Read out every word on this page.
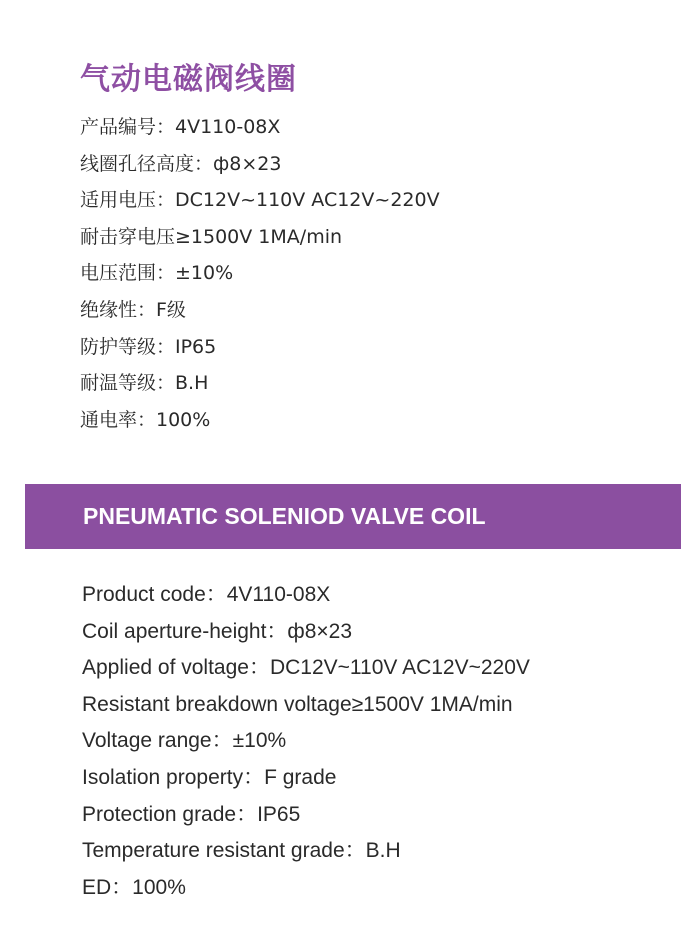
气动电磁阀线圈
产品编号：4V110-08X
线圈孔径高度：ф8×23
适用电压：DC12V~110V AC12V~220V
耐击穿电压≥1500V 1MA/min
电压范围：±10%
绝缘性：F级
防护等级：IP65
耐温等级：B.H
通电率：100%
PNEUMATIC SOLENIOD VALVE COIL
Product code：4V110-08X
Coil aperture-height：ф8×23
Applied of voltage：DC12V~110V AC12V~220V
Resistant breakdown voltage≥1500V 1MA/min
Voltage range：±10%
Isolation property：F grade
Protection grade：IP65
Temperature resistant grade：B.H
ED：100%
